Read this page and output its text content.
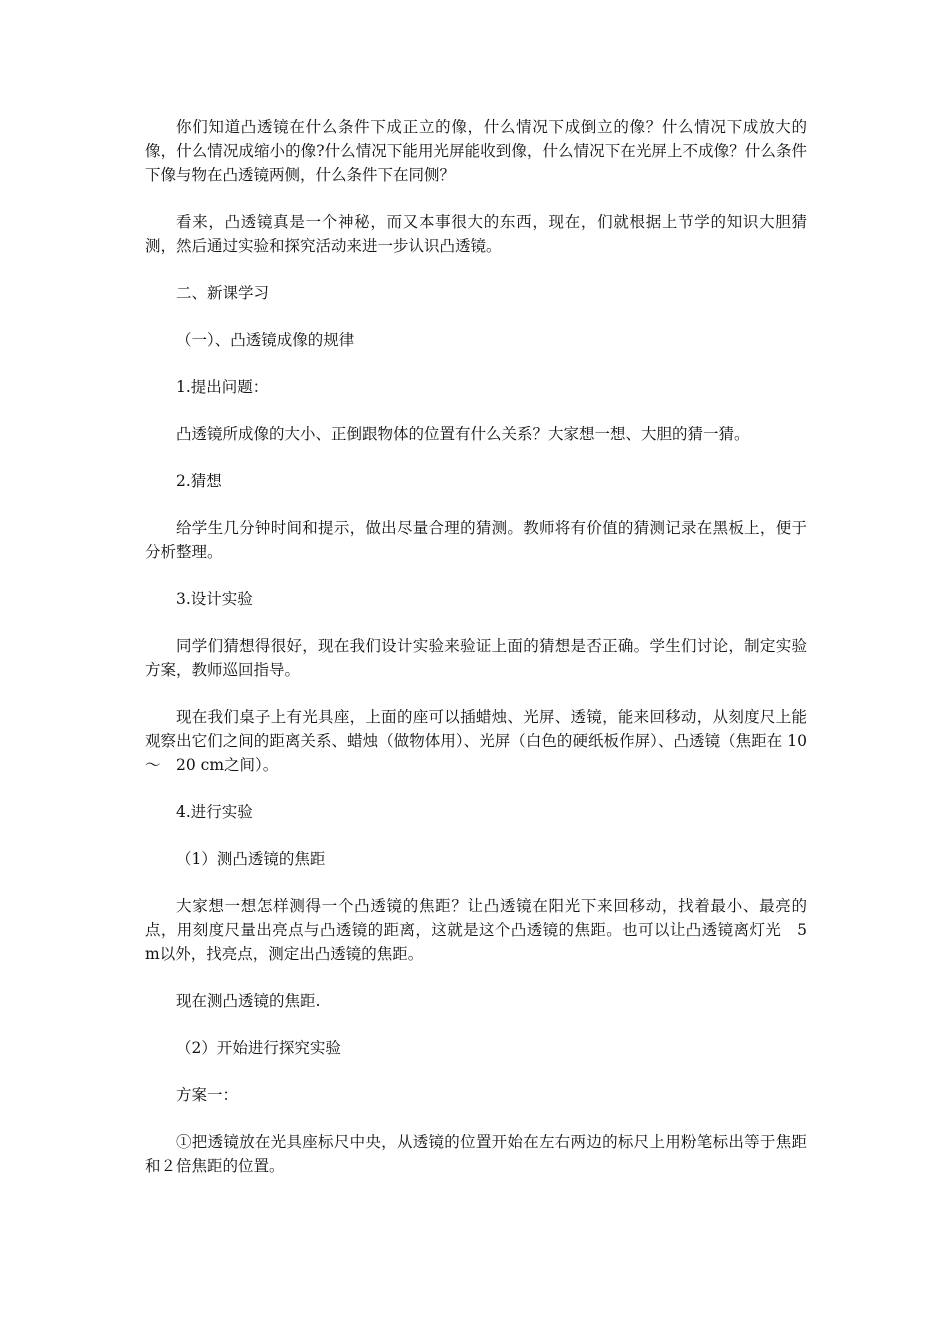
你们知道凸透镜在什么条件下成正立的像，什么情况下成倒立的像？什么情况下成放大的像，什么情况成缩小的像?什么情况下能用光屏能收到像，什么情况下在光屏上不成像？什么条件下像与物在凸透镜两侧，什么条件下在同侧？

看来，凸透镜真是一个神秘，而又本事很大的东西，现在，们就根据上节学的知识大胆猜测，然后通过实验和探究活动来进一步认识凸透镜。

二、新课学习

（一）、凸透镜成像的规律

1.提出问题：

凸透镜所成像的大小、正倒跟物体的位置有什么关系？大家想一想、大胆的猜一猜。

2.猜想

给学生几分钟时间和提示，做出尽量合理的猜测。教师将有价值的猜测记录在黑板上，便于分析整理。

3.设计实验

同学们猜想得很好，现在我们设计实验来验证上面的猜想是否正确。学生们讨论，制定实验方案，教师巡回指导。

现在我们桌子上有光具座，上面的座可以插蜡烛、光屏、透镜，能来回移动，从刻度尺上能观察出它们之间的距离关系、蜡烛（做物体用）、光屏（白色的硬纸板作屏）、凸透镜（焦距在 10～　20 cm之间）。

4.进行实验

（1）测凸透镜的焦距

大家想一想怎样测得一个凸透镜的焦距？让凸透镜在阳光下来回移动，找着最小、最亮的点，用刻度尺量出亮点与凸透镜的距离，这就是这个凸透镜的焦距。也可以让凸透镜离灯光　5 m以外，找亮点，测定出凸透镜的焦距。

现在测凸透镜的焦距.

（2）开始进行探究实验

方案一：

①把透镜放在光具座标尺中央，从透镜的位置开始在左右两边的标尺上用粉笔标出等于焦距和２倍焦距的位置。
